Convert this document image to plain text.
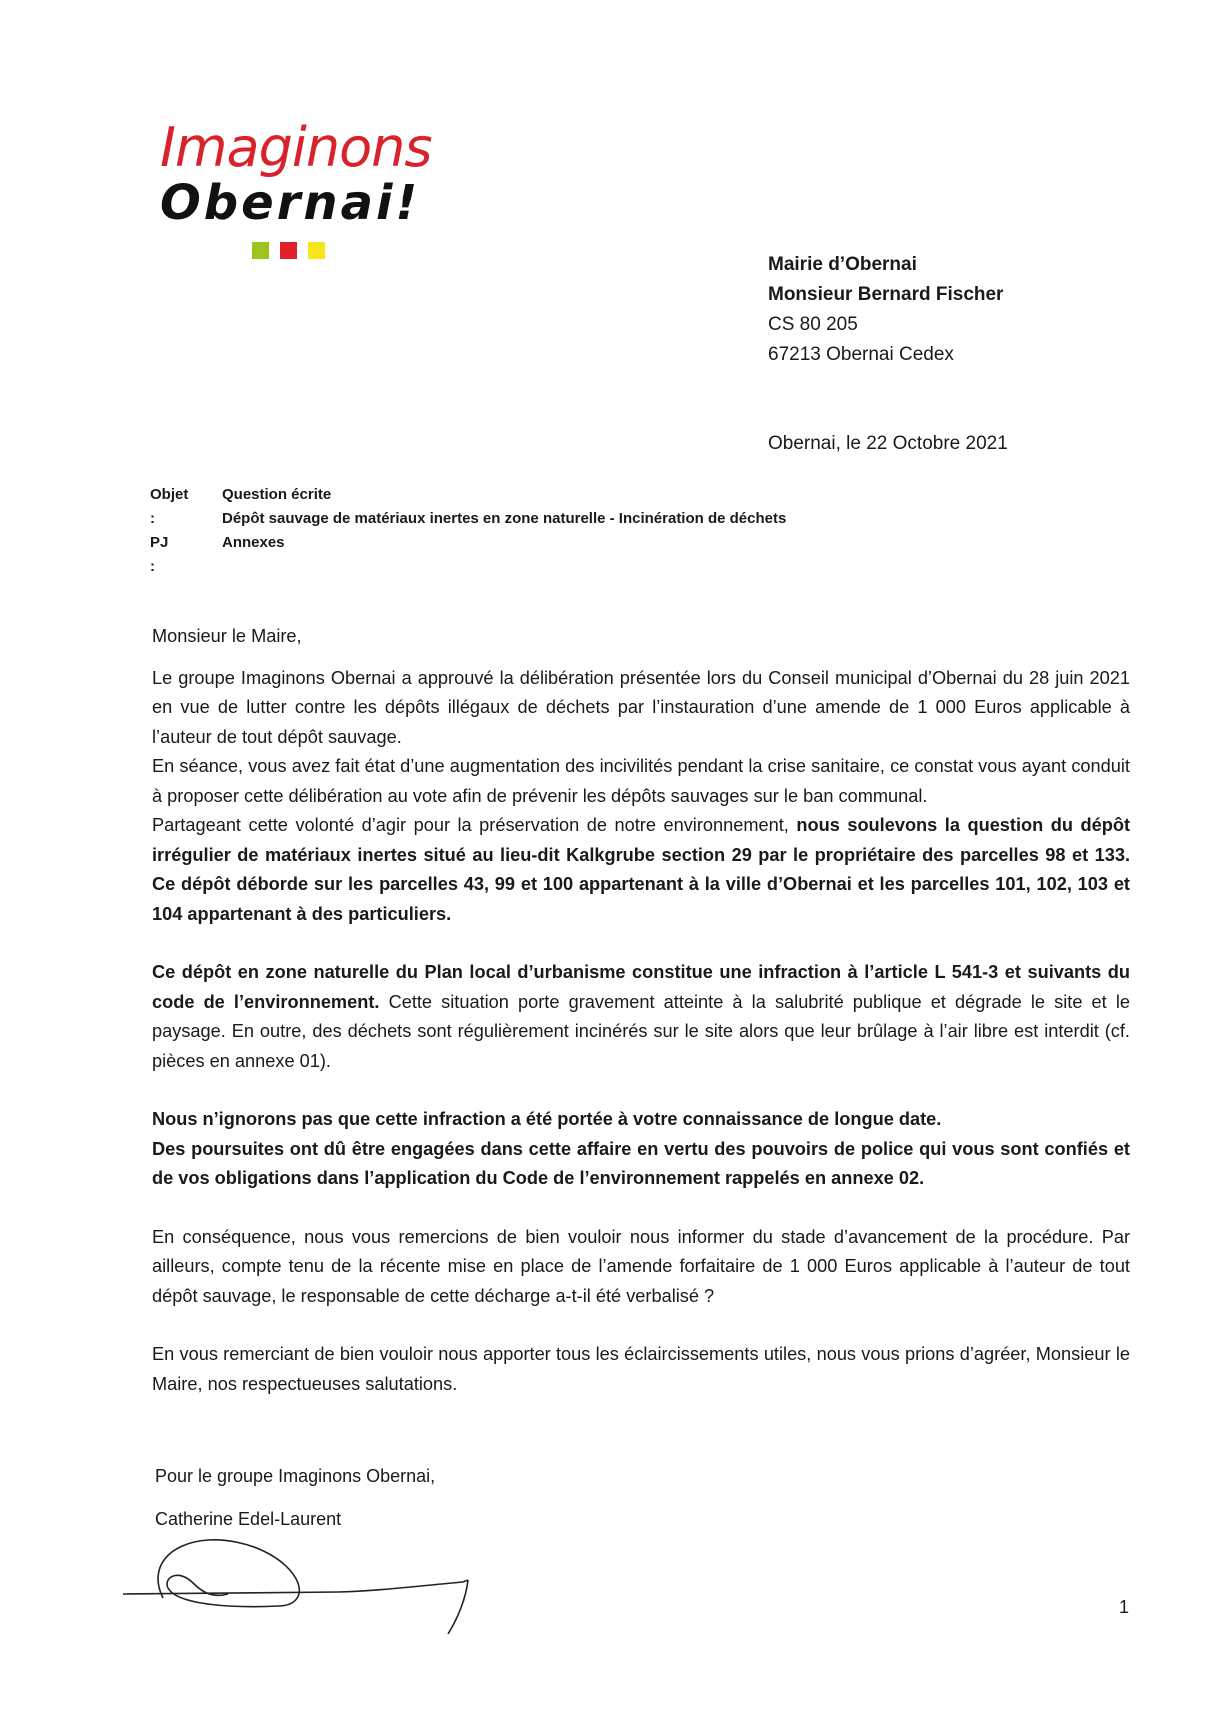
Imaginons
Obernai!
Mairie d’Obernai
Monsieur Bernard Fischer
CS 80 205
67213 Obernai Cedex
Obernai, le 22 Octobre 2021
Objet :
Question écrite
Dépôt sauvage de matériaux inertes en zone naturelle - Incinération de déchets
PJ :
Annexes

Monsieur le Maire,

Le groupe Imaginons Obernai a approuvé la délibération présentée lors du Conseil municipal d’Obernai du 28 juin 2021 en vue de lutter contre les dépôts illégaux de déchets par l’instauration d’une amende de 1 000 Euros applicable à l’auteur de tout dépôt sauvage.

En séance, vous avez fait état d’une augmentation des incivilités pendant la crise sanitaire, ce constat vous ayant conduit à proposer cette délibération au vote afin de prévenir les dépôts sauvages sur le ban communal.

Partageant cette volonté d’agir pour la préservation de notre environnement, nous soulevons la question du dépôt irrégulier de matériaux inertes situé au lieu-dit Kalkgrube section 29 par le propriétaire des parcelles 98 et 133. Ce dépôt déborde sur les parcelles 43, 99 et 100 appartenant à la ville d’Obernai et les parcelles 101, 102, 103 et 104 appartenant à des particuliers.

Ce dépôt en zone naturelle du Plan local d’urbanisme constitue une infraction à l’article L 541-3 et suivants du code de l’environnement. Cette situation porte gravement atteinte à la salubrité publique et dégrade le site et le paysage. En outre, des déchets sont régulièrement incinérés sur le site alors que leur brûlage à l’air libre est interdit (cf. pièces en annexe 01).

Nous n’ignorons pas que cette infraction a été portée à votre connaissance de longue date.

Des poursuites ont dû être engagées dans cette affaire en vertu des pouvoirs de police qui vous sont confiés et de vos obligations dans l’application du Code de l’environnement rappelés en annexe 02.

En conséquence, nous vous remercions de bien vouloir nous informer du stade d’avancement de la procédure. Par ailleurs, compte tenu de la récente mise en place de l’amende forfaitaire de 1 000 Euros applicable à l’auteur de tout dépôt sauvage, le responsable de cette décharge a-t-il été verbalisé ?

En vous remerciant de bien vouloir nous apporter tous les éclaircissements utiles, nous vous prions d’agréer, Monsieur le Maire, nos respectueuses salutations.

Pour le groupe Imaginons Obernai,
Catherine Edel-Laurent
1
